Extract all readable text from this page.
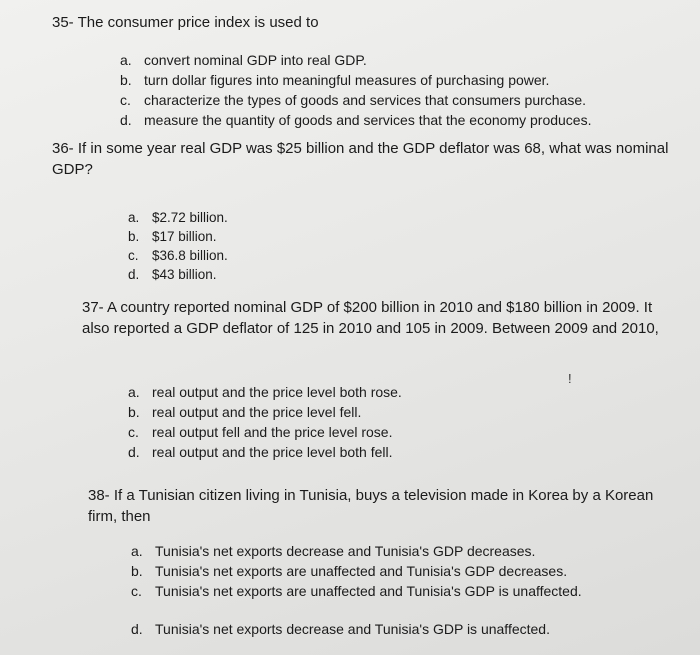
35- The consumer price index is used to
a. convert nominal GDP into real GDP.
b. turn dollar figures into meaningful measures of purchasing power.
c. characterize the types of goods and services that consumers purchase.
d. measure the quantity of goods and services that the economy produces.
36- If in some year real GDP was $25 billion and the GDP deflator was 68, what was nominal GDP?
a. $2.72 billion.
b. $17 billion.
c. $36.8 billion.
d. $43 billion.
37- A country reported nominal GDP of $200 billion in 2010 and $180 billion in 2009. It also reported a GDP deflator of 125 in 2010 and 105 in 2009. Between 2009 and 2010,
!
a. real output and the price level both rose.
b. real output and the price level fell.
c. real output fell and the price level rose.
d. real output and the price level both fell.
38- If a Tunisian citizen living in Tunisia, buys a television made in Korea by a Korean firm, then
a. Tunisia's net exports decrease and Tunisia's GDP decreases.
b. Tunisia's net exports are unaffected and Tunisia's GDP decreases.
c. Tunisia's net exports are unaffected and Tunisia's GDP is unaffected.
d. Tunisia's net exports decrease and Tunisia's GDP is unaffected.
